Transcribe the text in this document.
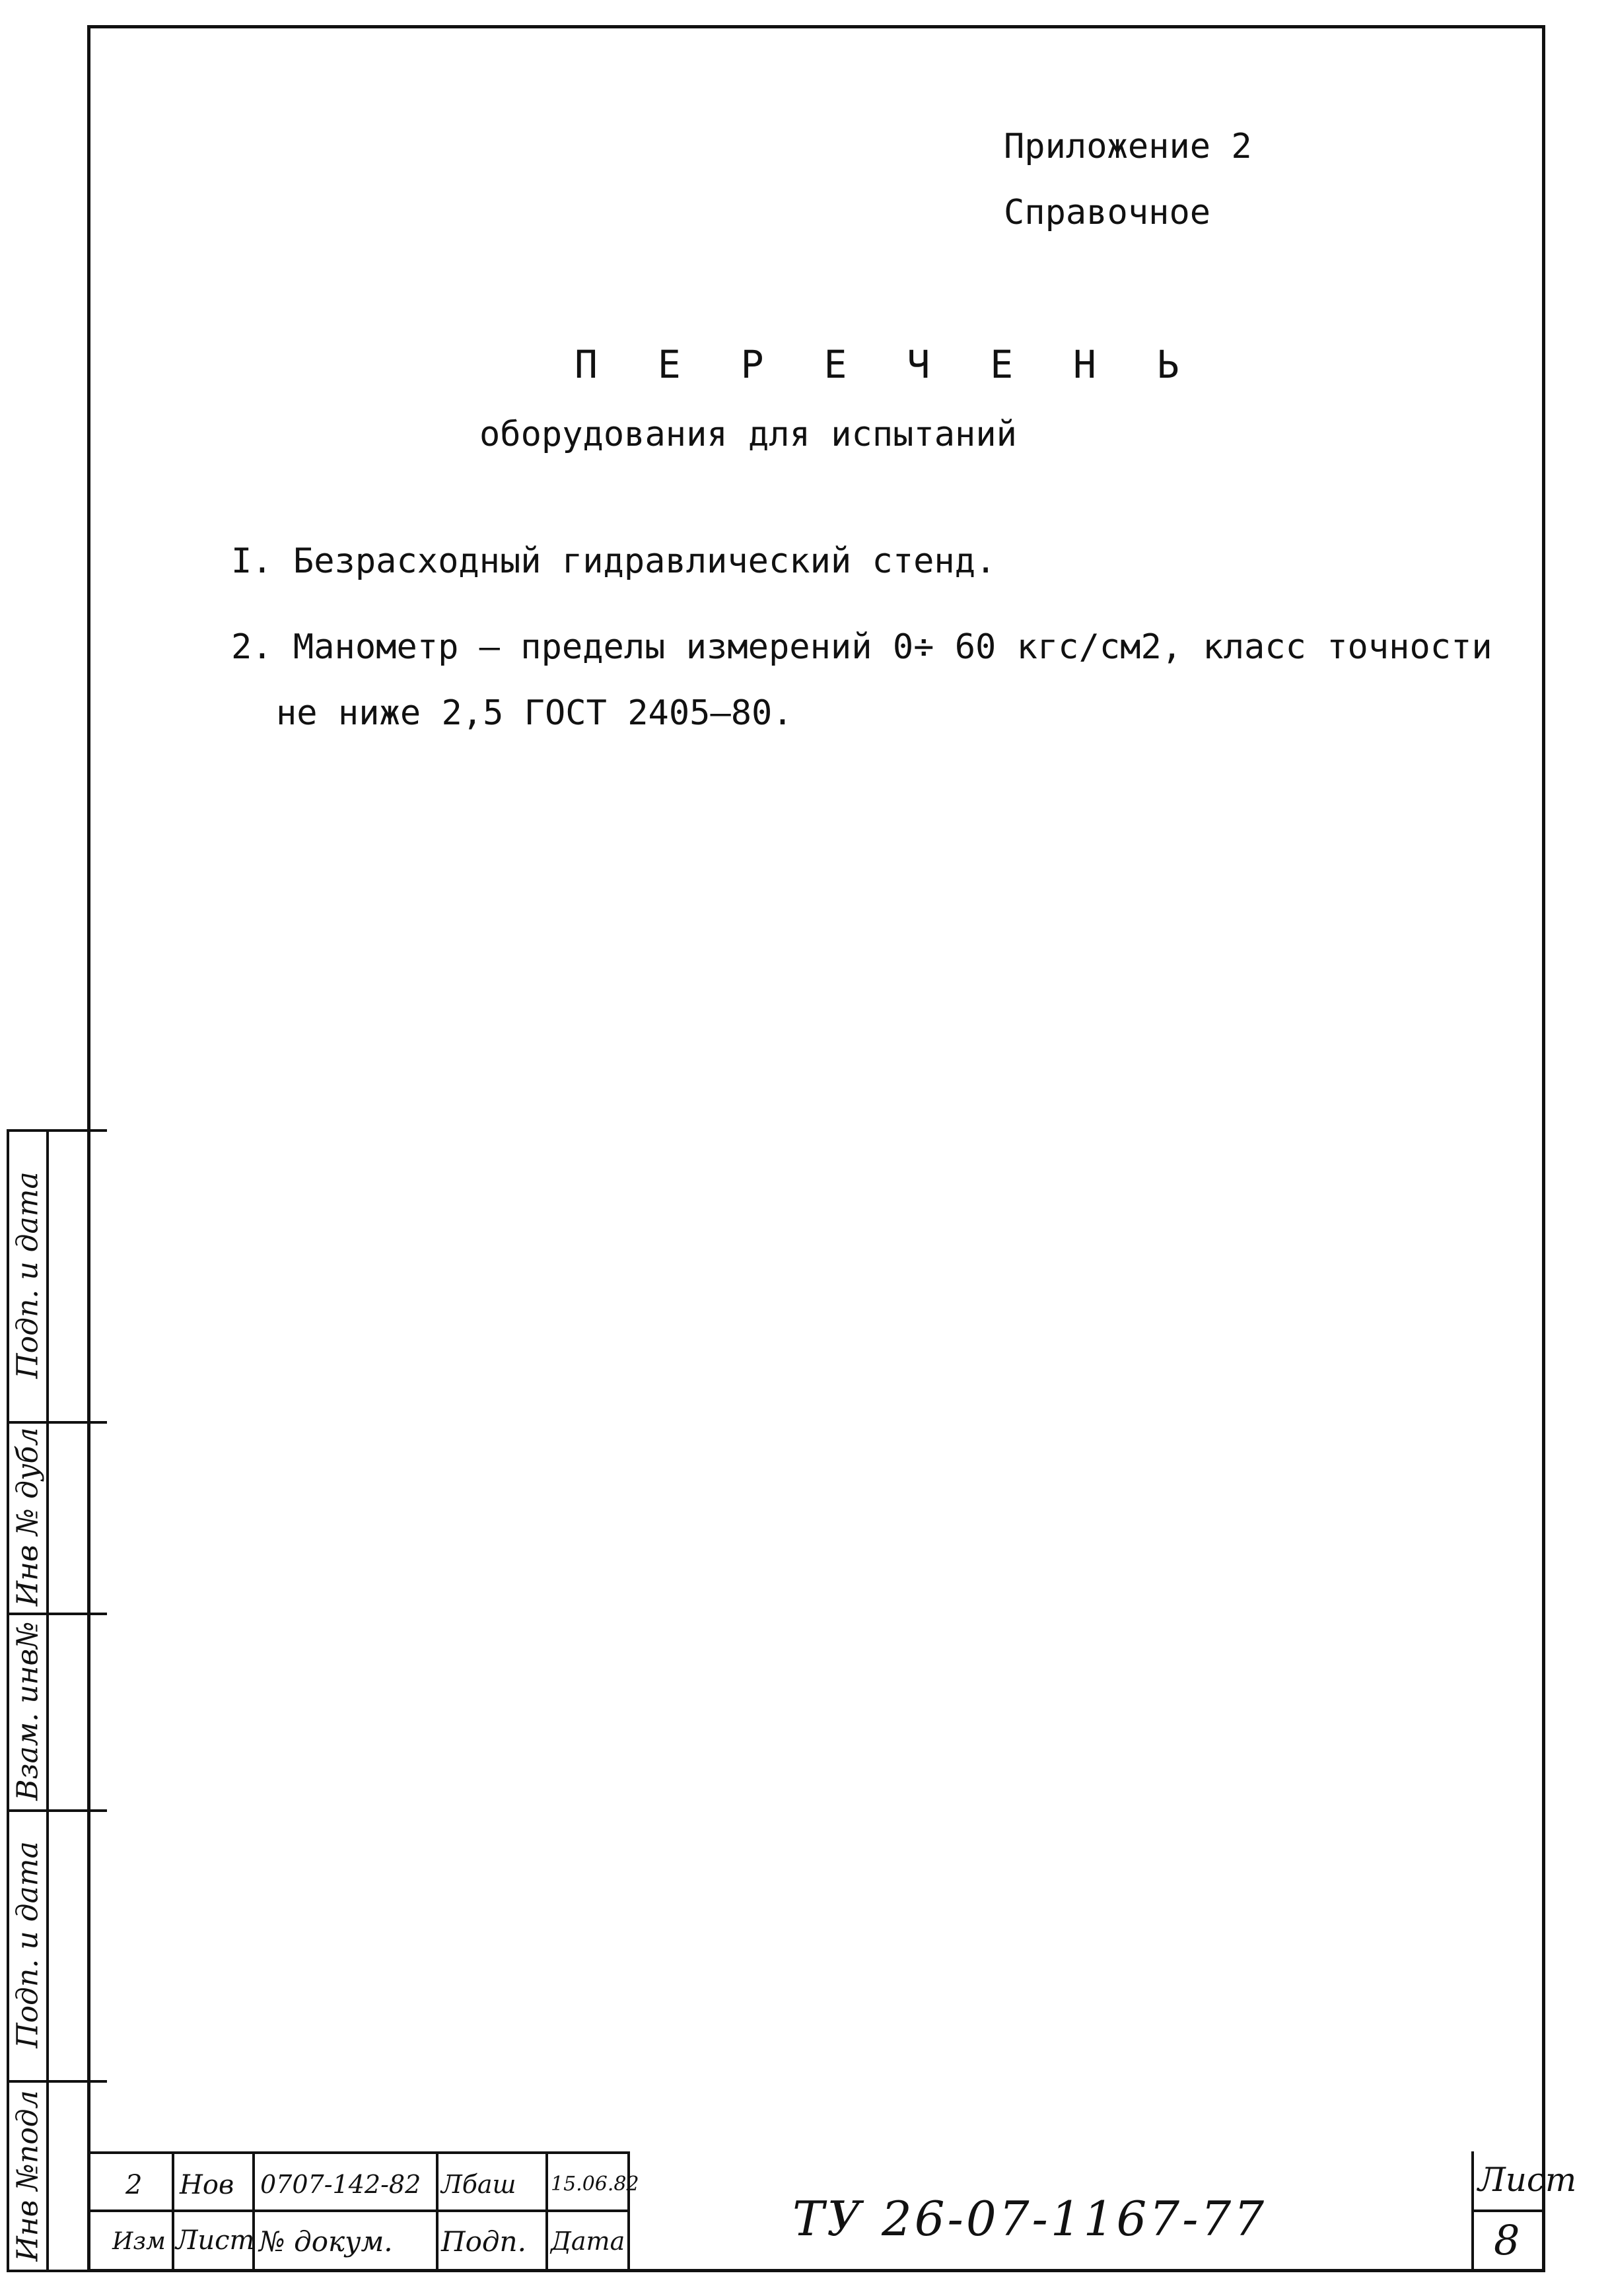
Приложение 2
Справочное
П Е Р Е Ч Е Н Ь
оборудования для испытаний
I. Безрасходный гидравлический стенд.
2. Манометр – пределы измерений 0÷ 60 кгс/см2, класс точности
не ниже 2,5 ГОСТ 2405–80.
Инв №подл
Подп. и дата
Взам. инв№
Инв № дубл
Подп. и дата
2 Нов 0707-142-82 Лбаш 15.06.82
Изм Лист № докум. Подп. Дата	ТУ 26-07-1167-77
Лист
8
